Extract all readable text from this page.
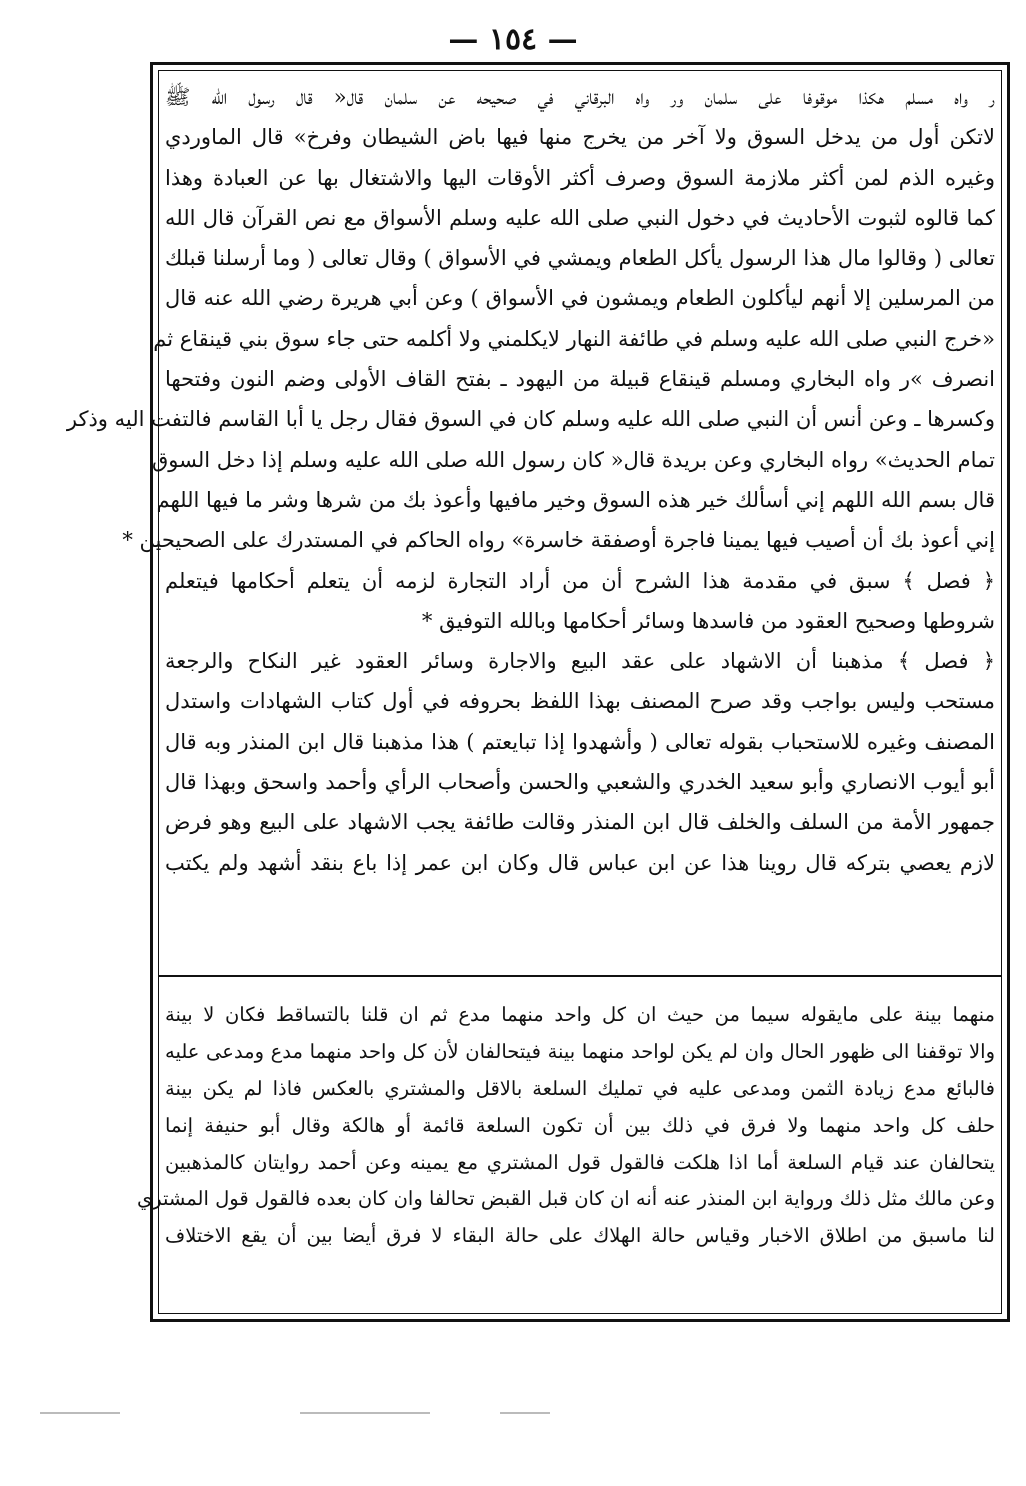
— ١٥٤ —
ر واه مسلم هكذا موقوفا على سلمان ور واه البرقاني في صحيحه عن سلمان قال« قال رسول الله ﷺ
لاتكن أول من يدخل السوق ولا آخر من يخرج منها فيها باض الشيطان وفرخ» قال الماوردي
وغيره الذم لمن أكثر ملازمة السوق وصرف أكثر الأوقات اليها والاشتغال بها عن العبادة وهذا
كما قالوه لثبوت الأحاديث في دخول النبي صلى الله عليه وسلم الأسواق مع نص القرآن قال الله
تعالى ( وقالوا مال هذا الرسول يأكل الطعام ويمشي في الأسواق ) وقال تعالى ( وما أرسلنا قبلك
من المرسلين إلا أنهم ليأكلون الطعام ويمشون في الأسواق ) وعن أبي هريرة رضي الله عنه قال
«خرج النبي صلى الله عليه وسلم في طائفة النهار لايكلمني ولا أكلمه حتى جاء سوق بني قينقاع ثم
انصرف »ر واه البخاري ومسلم قينقاع قبيلة من اليهود ـ بفتح القاف الأولى وضم النون وفتحها
وكسرها ـ وعن أنس أن النبي صلى الله عليه وسلم كان في السوق فقال رجل يا أبا القاسم فالتفت اليه وذكر
تمام الحديث» رواه البخاري وعن بريدة قال« كان رسول الله صلى الله عليه وسلم إذا دخل السوق
قال بسم الله اللهم إني أسألك خير هذه السوق وخير مافيها وأعوذ بك من شرها وشر ما فيها اللهم
إني أعوذ بك أن أصيب فيها يمينا فاجرة أوصفقة خاسرة» رواه الحاكم في المستدرك على الصحيحين *
﴿ فصل ﴾ سبق في مقدمة هذا الشرح أن من أراد التجارة لزمه أن يتعلم أحكامها فيتعلم
شروطها وصحيح العقود من فاسدها وسائر أحكامها وبالله التوفيق *
﴿ فصل ﴾ مذهبنا أن الاشهاد على عقد البيع والاجارة وسائر العقود غير النكاح والرجعة
مستحب وليس بواجب وقد صرح المصنف بهذا اللفظ بحروفه في أول كتاب الشهادات واستدل
المصنف وغيره للاستحباب بقوله تعالى ( وأشهدوا إذا تبايعتم ) هذا مذهبنا قال ابن المنذر وبه قال
أبو أيوب الانصاري وأبو سعيد الخدري والشعبي والحسن وأصحاب الرأي وأحمد واسحق وبهذا قال
جمهور الأمة من السلف والخلف قال ابن المنذر وقالت طائفة يجب الاشهاد على البيع وهو فرض
لازم يعصي بتركه قال روينا هذا عن ابن عباس قال وكان ابن عمر إذا باع بنقد أشهد ولم يكتب
منهما بينة على مايقوله سيما من حيث ان كل واحد منهما مدع ثم ان قلنا بالتساقط فكان لا بينة
والا توقفنا الى ظهور الحال وان لم يكن لواحد منهما بينة فيتحالفان لأن كل واحد منهما مدع ومدعى عليه
فالبائع مدع زيادة الثمن ومدعى عليه في تمليك السلعة بالاقل والمشتري بالعكس فاذا لم يكن بينة
حلف كل واحد منهما ولا فرق في ذلك بين أن تكون السلعة قائمة أو هالكة وقال أبو حنيفة إنما
يتحالفان عند قيام السلعة أما اذا هلكت فالقول قول المشتري مع يمينه وعن أحمد روايتان كالمذهبين
وعن مالك مثل ذلك ورواية ابن المنذر عنه أنه ان كان قبل القبض تحالفا وان كان بعده فالقول قول المشتري
لنا ماسبق من اطلاق الاخبار وقياس حالة الهلاك على حالة البقاء لا فرق أيضا بين أن يقع الاختلاف
